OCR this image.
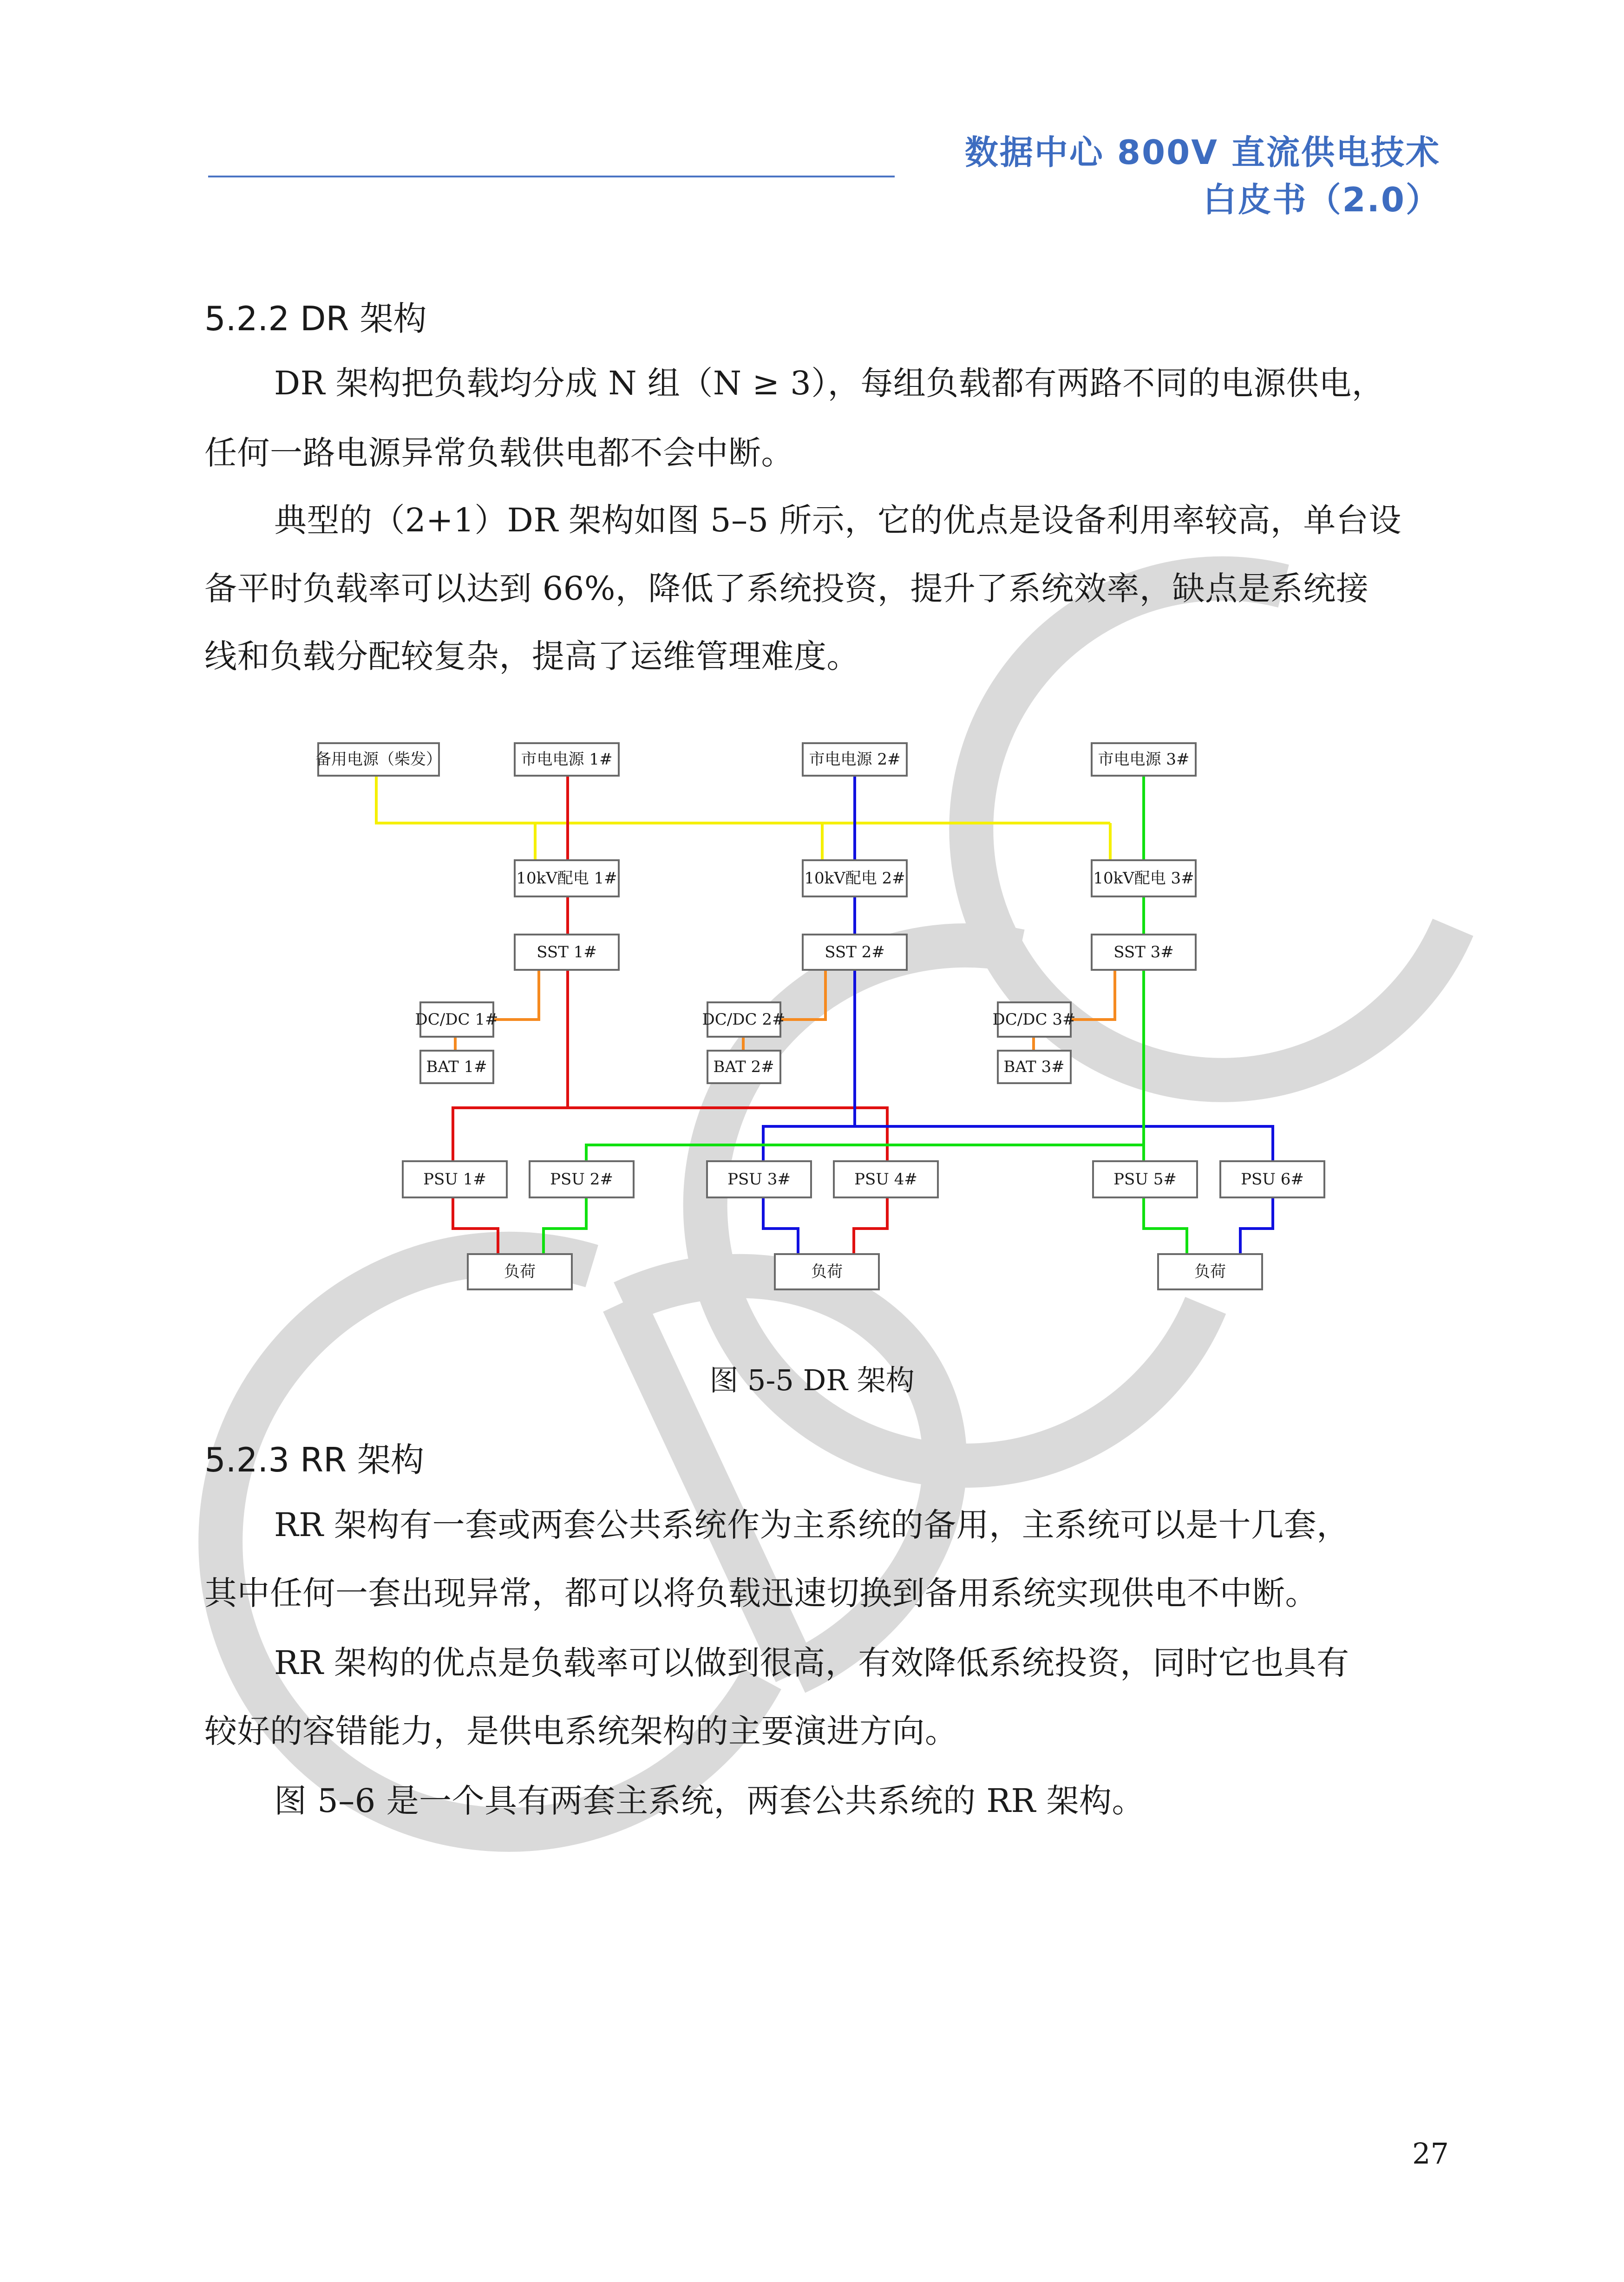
数据中心 800V 直流供电技术
白皮书（2.0）
5.2.2 DR 架构
DR 架构把负载均分成 N 组（N ≥ 3），每组负载都有两路不同的电源供电，
任何一路电源异常负载供电都不会中断。
典型的（2+1）DR 架构如图 5–5 所示，它的优点是设备利用率较高，单台设
备平时负载率可以达到 66%，降低了系统投资，提升了系统效率，缺点是系统接
线和负载分配较复杂，提高了运维管理难度。
备用电源（柴发）	市电电源 1#	市电电源 2#	市电电源 3#
10kV配电 1#	10kV配电 2#	10kV配电 3#
SST 1#	SST 2#	SST 3#
DC/DC 1#	DC/DC 2#	DC/DC 3#
BAT 1#	BAT 2#	BAT 3#
PSU 1#	PSU 2#	PSU 3#	PSU 4#	PSU 5#	PSU 6#
负荷	负荷	负荷
图 5-5 DR 架构
5.2.3 RR 架构
RR 架构有一套或两套公共系统作为主系统的备用，主系统可以是十几套，
其中任何一套出现异常，都可以将负载迅速切换到备用系统实现供电不中断。
RR 架构的优点是负载率可以做到很高，有效降低系统投资，同时它也具有
较好的容错能力，是供电系统架构的主要演进方向。
图 5–6 是一个具有两套主系统，两套公共系统的 RR 架构。
27
